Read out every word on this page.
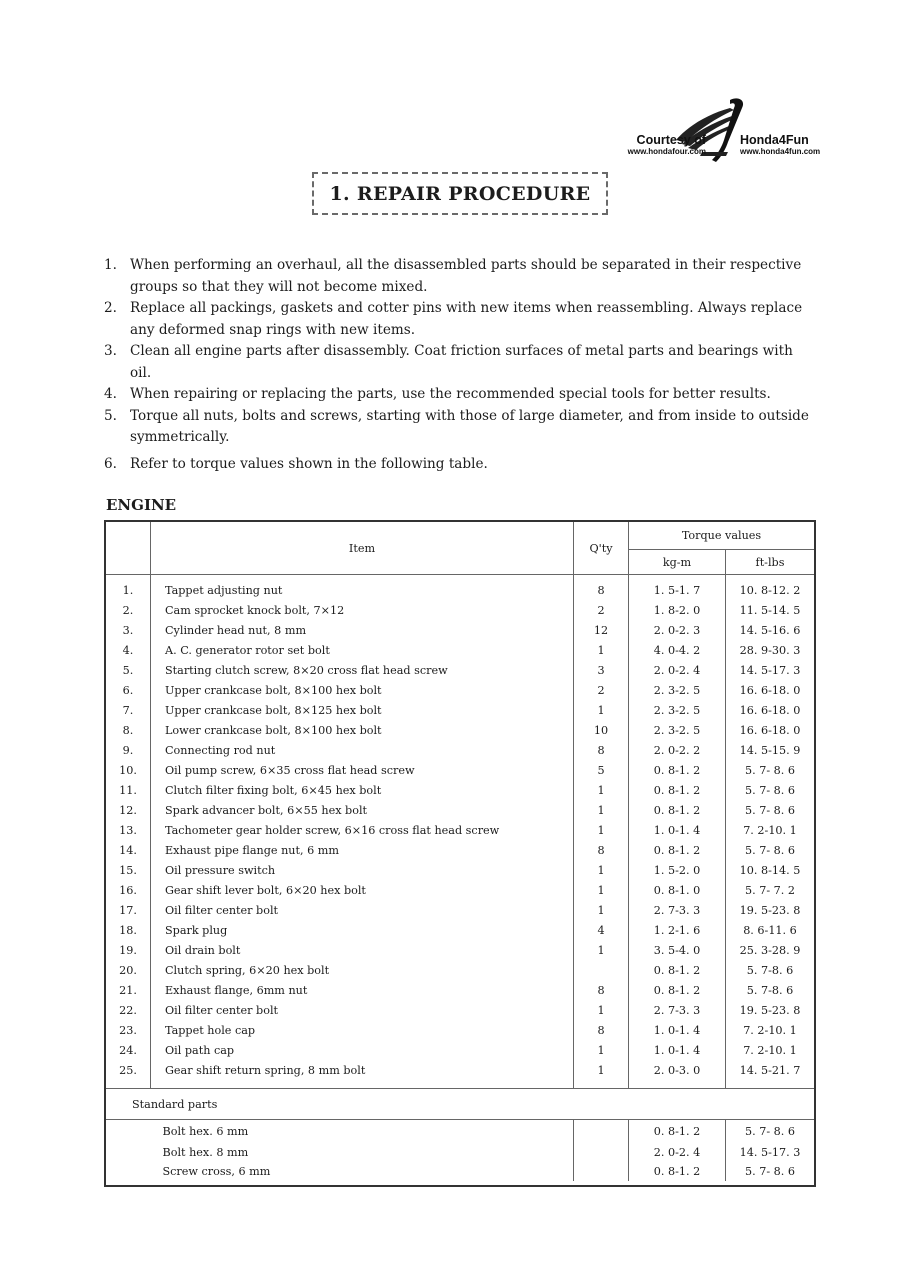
Courtesy of
www.hondafour.com
Honda4Fun
www.honda4fun.com
1. REPAIR PROCEDURE
1. When performing an overhaul, all the disassembled parts should be separated in their respective groups so that they will not become mixed.
2. Replace all packings, gaskets and cotter pins with new items when reassembling. Always replace any deformed snap rings with new items.
3. Clean all engine parts after disassembly. Coat friction surfaces of metal parts and bearings with oil.
4. When repairing or replacing the parts, use the recommended special tools for better results.
5. Torque all nuts, bolts and screws, starting with those of large diameter, and from inside to outside symmetrically.
6. Refer to torque values shown in the following table.
ENGINE
	Item	Q'ty	Torque values	
			kg-m	ft-lbs
1.	Tappet adjusting nut	8	1. 5-1. 7	10. 8-12. 2
2.	Cam sprocket knock bolt, 7×12	2	1. 8-2. 0	11. 5-14. 5
3.	Cylinder head nut, 8 mm	12	2. 0-2. 3	14. 5-16. 6
4.	A. C. generator rotor set bolt	1	4. 0-4. 2	28. 9-30. 3
5.	Starting clutch screw, 8×20 cross flat head screw	3	2. 0-2. 4	14. 5-17. 3
6.	Upper crankcase bolt, 8×100 hex bolt	2	2. 3-2. 5	16. 6-18. 0
7.	Upper crankcase bolt, 8×125 hex bolt	1	2. 3-2. 5	16. 6-18. 0
8.	Lower crankcase bolt, 8×100 hex bolt	10	2. 3-2. 5	16. 6-18. 0
9.	Connecting rod nut	8	2. 0-2. 2	14. 5-15. 9
10.	Oil pump screw, 6×35 cross flat head screw	5	0. 8-1. 2	5. 7- 8. 6
11.	Clutch filter fixing bolt, 6×45 hex bolt	1	0. 8-1. 2	5. 7- 8. 6
12.	Spark advancer bolt, 6×55 hex bolt	1	0. 8-1. 2	5. 7- 8. 6
13.	Tachometer gear holder screw, 6×16 cross flat head screw	1	1. 0-1. 4	7. 2-10. 1
14.	Exhaust pipe flange nut, 6 mm	8	0. 8-1. 2	5. 7- 8. 6
15.	Oil pressure switch	1	1. 5-2. 0	10. 8-14. 5
16.	Gear shift lever bolt, 6×20 hex bolt	1	0. 8-1. 0	5. 7- 7. 2
17.	Oil filter center bolt	1	2. 7-3. 3	19. 5-23. 8
18.	Spark plug	4	1. 2-1. 6	8. 6-11. 6
19.	Oil drain bolt	1	3. 5-4. 0	25. 3-28. 9
20.	Clutch spring, 6×20 hex bolt		0. 8-1. 2	5. 7-8. 6
21.	Exhaust flange, 6mm nut	8	0. 8-1. 2	5. 7-8. 6
22.	Oil filter center bolt	1	2. 7-3. 3	19. 5-23. 8
23.	Tappet hole cap	8	1. 0-1. 4	7. 2-10. 1
24.	Oil path cap	1	1. 0-1. 4	7. 2-10. 1
25.	Gear shift return spring, 8 mm bolt	1	2. 0-3. 0	14. 5-21. 7

Standard parts				
	Bolt hex. 6 mm		0. 8-1. 2	5. 7- 8. 6
	Bolt hex. 8 mm		2. 0-2. 4	14. 5-17. 3
	Screw cross, 6 mm		0. 8-1. 2	5. 7- 8. 6
